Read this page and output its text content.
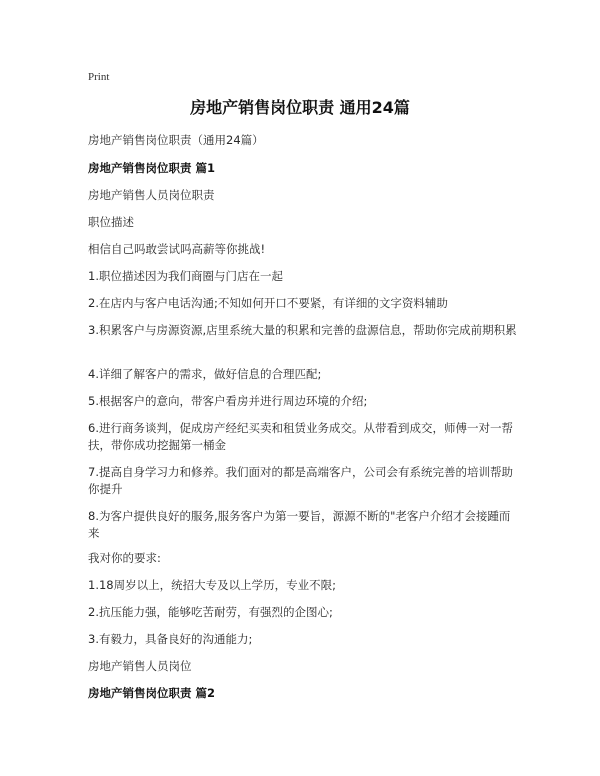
Print
房地产销售岗位职责 通用24篇

房地产销售岗位职责（通用24篇）

房地产销售岗位职责 篇1

房地产销售人员岗位职责

职位描述

相信自己吗敢尝试吗高薪等你挑战!

1.职位描述因为我们商圈与门店在一起

2.在店内与客户电话沟通;不知如何开口不要紧，有详细的文字资料辅助

3.积累客户与房源资源,店里系统大量的积累和完善的盘源信息，帮助你完成前期积累

4.详细了解客户的需求，做好信息的合理匹配;

5.根据客户的意向，带客户看房并进行周边环境的介绍;

6.进行商务谈判，促成房产经纪买卖和租赁业务成交。从带看到成交，师傅一对一帮扶，带你成功挖掘第一桶金

7.提高自身学习力和修养。我们面对的都是高端客户，公司会有系统完善的培训帮助你提升

8.为客户提供良好的服务,服务客户为第一要旨，源源不断的"老客户介绍才会接踵而来

我对你的要求:

1.18周岁以上，统招大专及以上学历，专业不限;

2.抗压能力强，能够吃苦耐劳，有强烈的企图心;

3.有毅力，具备良好的沟通能力;

房地产销售人员岗位

房地产销售岗位职责 篇2
